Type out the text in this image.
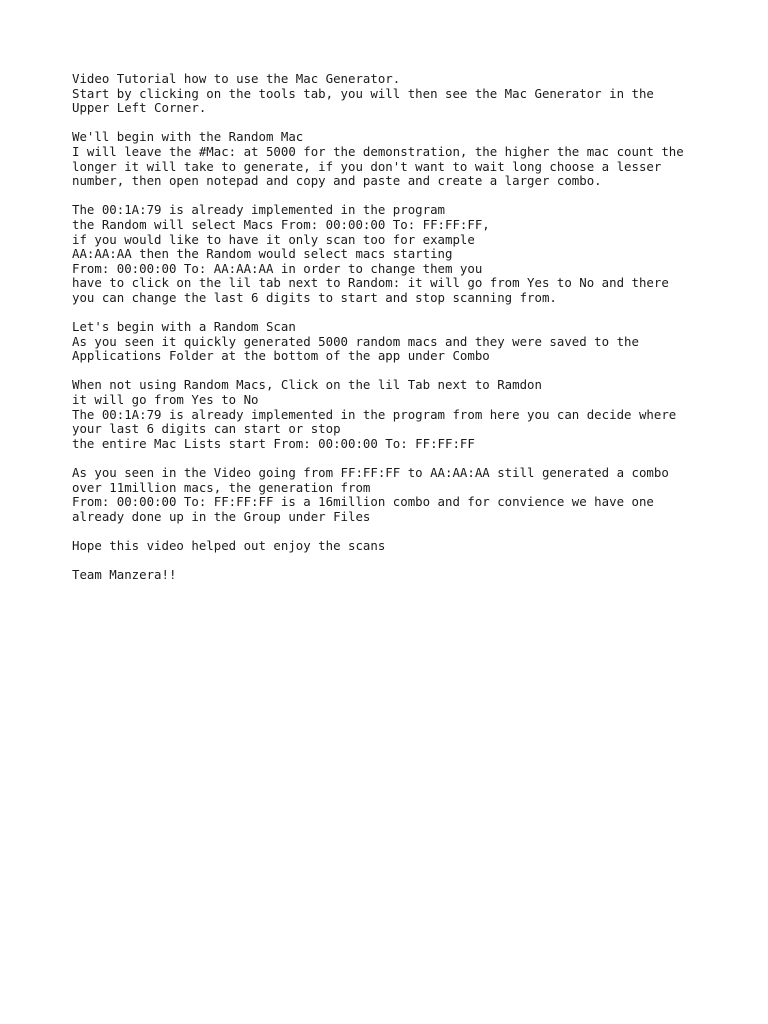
Video Tutorial how to use the Mac Generator.
Start by clicking on the tools tab, you will then see the Mac Generator in the
Upper Left Corner.

We'll begin with the Random Mac
I will leave the #Mac: at 5000 for the demonstration, the higher the mac count the
longer it will take to generate, if you don't want to wait long choose a lesser
number, then open notepad and copy and paste and create a larger combo.

The 00:1A:79 is already implemented in the program
the Random will select Macs From: 00:00:00 To: FF:FF:FF,
if you would like to have it only scan too for example
AA:AA:AA then the Random would select macs starting
From: 00:00:00 To: AA:AA:AA in order to change them you
have to click on the lil tab next to Random: it will go from Yes to No and there
you can change the last 6 digits to start and stop scanning from.

Let's begin with a Random Scan
As you seen it quickly generated 5000 random macs and they were saved to the
Applications Folder at the bottom of the app under Combo

When not using Random Macs, Click on the lil Tab next to Ramdon
it will go from Yes to No
The 00:1A:79 is already implemented in the program from here you can decide where
your last 6 digits can start or stop
the entire Mac Lists start From: 00:00:00 To: FF:FF:FF

As you seen in the Video going from FF:FF:FF to AA:AA:AA still generated a combo
over 11million macs, the generation from
From: 00:00:00 To: FF:FF:FF is a 16million combo and for convience we have one
already done up in the Group under Files

Hope this video helped out enjoy the scans

Team Manzera!!
